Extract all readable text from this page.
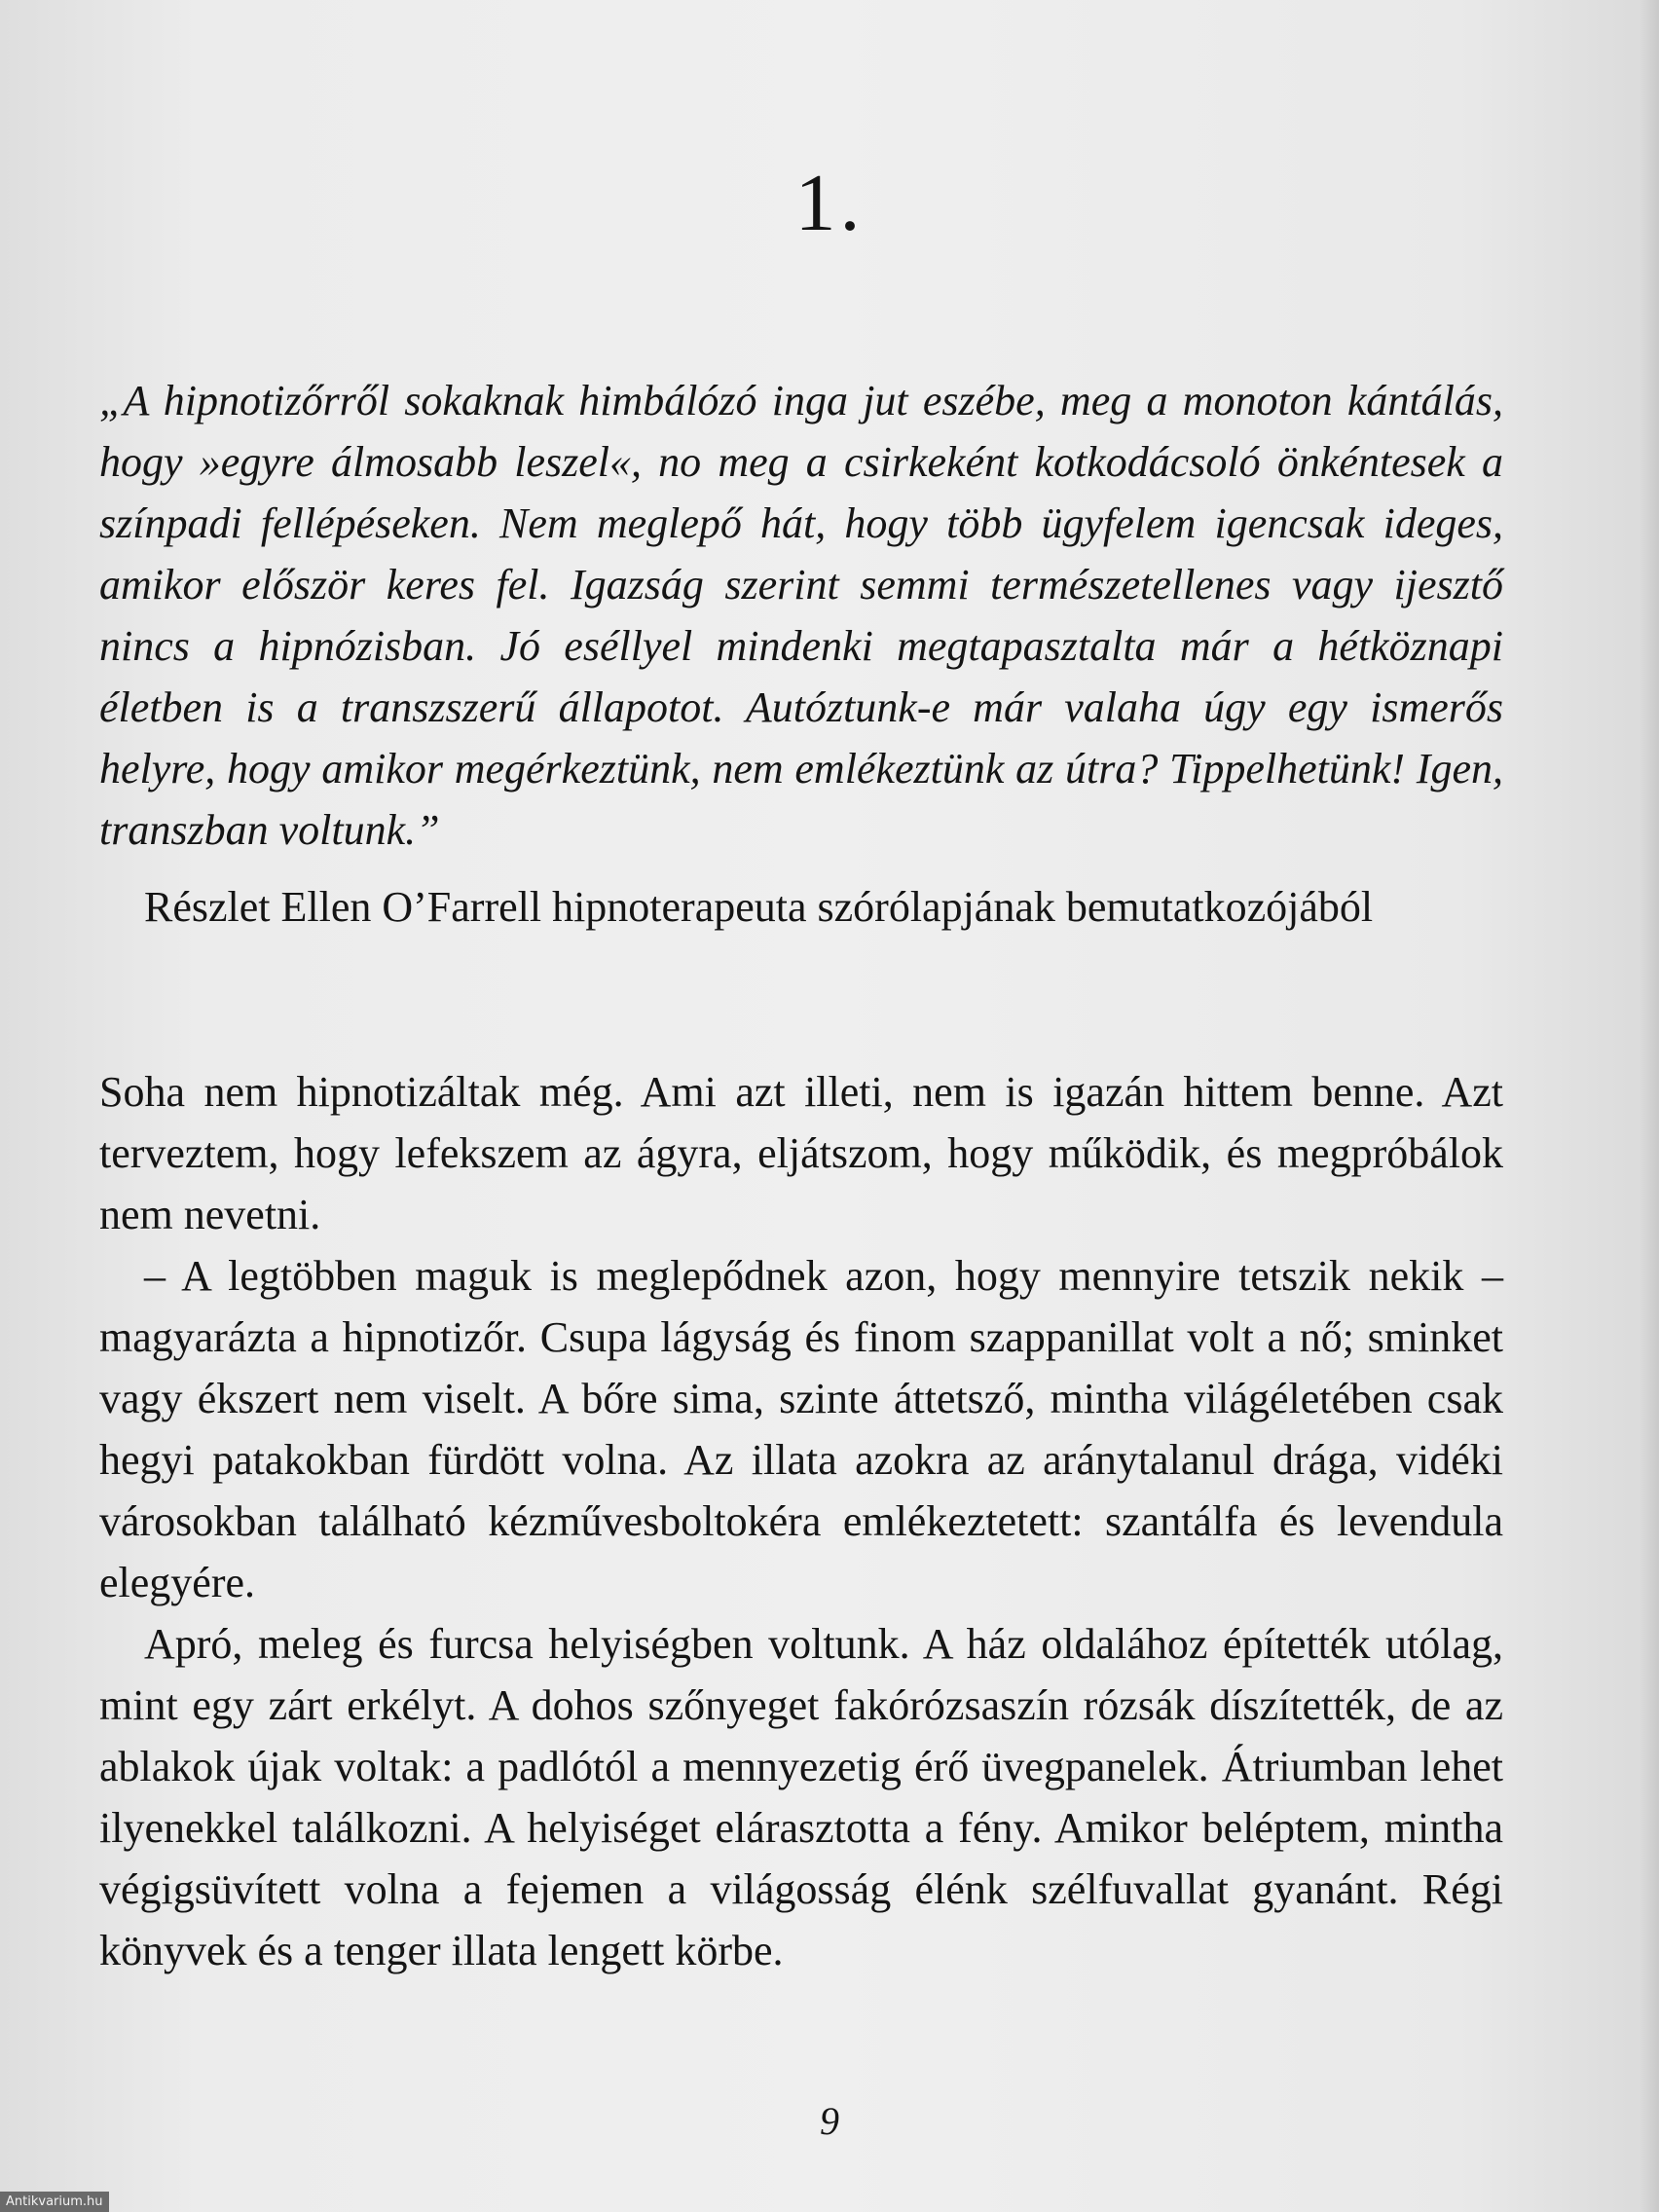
1.

„A hipnotizőrről sokaknak himbálózó inga jut eszébe, meg a monoton kántálás, hogy »egyre álmosabb leszel«, no meg a csirkeként kotkodácsoló önkéntesek a színpadi fellépéseken. Nem meglepő hát, hogy több ügyfelem igencsak ideges, amikor először keres fel. Igazság szerint semmi természetellenes vagy ijesztő nincs a hipnózisban. Jó eséllyel mindenki megtapasztalta már a hétköznapi életben is a transzszerű állapotot. Autóztunk-e már valaha úgy egy ismerős helyre, hogy amikor megérkeztünk, nem emlékeztünk az útra? Tippelhetünk! Igen, transzban voltunk.”

Részlet Ellen O’Farrell hipnoterapeuta szórólapjának bemutatkozójából

Soha nem hipnotizáltak még. Ami azt illeti, nem is igazán hittem benne. Azt terveztem, hogy lefekszem az ágyra, eljátszom, hogy működik, és megpróbálok nem nevetni.

– A legtöbben maguk is meglepődnek azon, hogy mennyire tetszik nekik – magyarázta a hipnotizőr. Csupa lágyság és finom szappanillat volt a nő; sminket vagy ékszert nem viselt. A bőre sima, szinte áttetsző, mintha világéletében csak hegyi patakokban fürdött volna. Az illata azokra az aránytalanul drága, vidéki városokban található kézművesboltokéra emlékeztetett: szantálfa és levendula elegyére.

Apró, meleg és furcsa helyiségben voltunk. A ház oldalához építették utólag, mint egy zárt erkélyt. A dohos szőnyeget fakórózsaszín rózsák díszítették, de az ablakok újak voltak: a padlótól a mennyezetig érő üvegpanelek. Átriumban lehet ilyenekkel találkozni. A helyiséget elárasztotta a fény. Amikor beléptem, mintha végigsüvített volna a fejemen a világosság élénk szélfuvallat gyanánt. Régi könyvek és a tenger illata lengett körbe.

9
Antikvarium.hu
